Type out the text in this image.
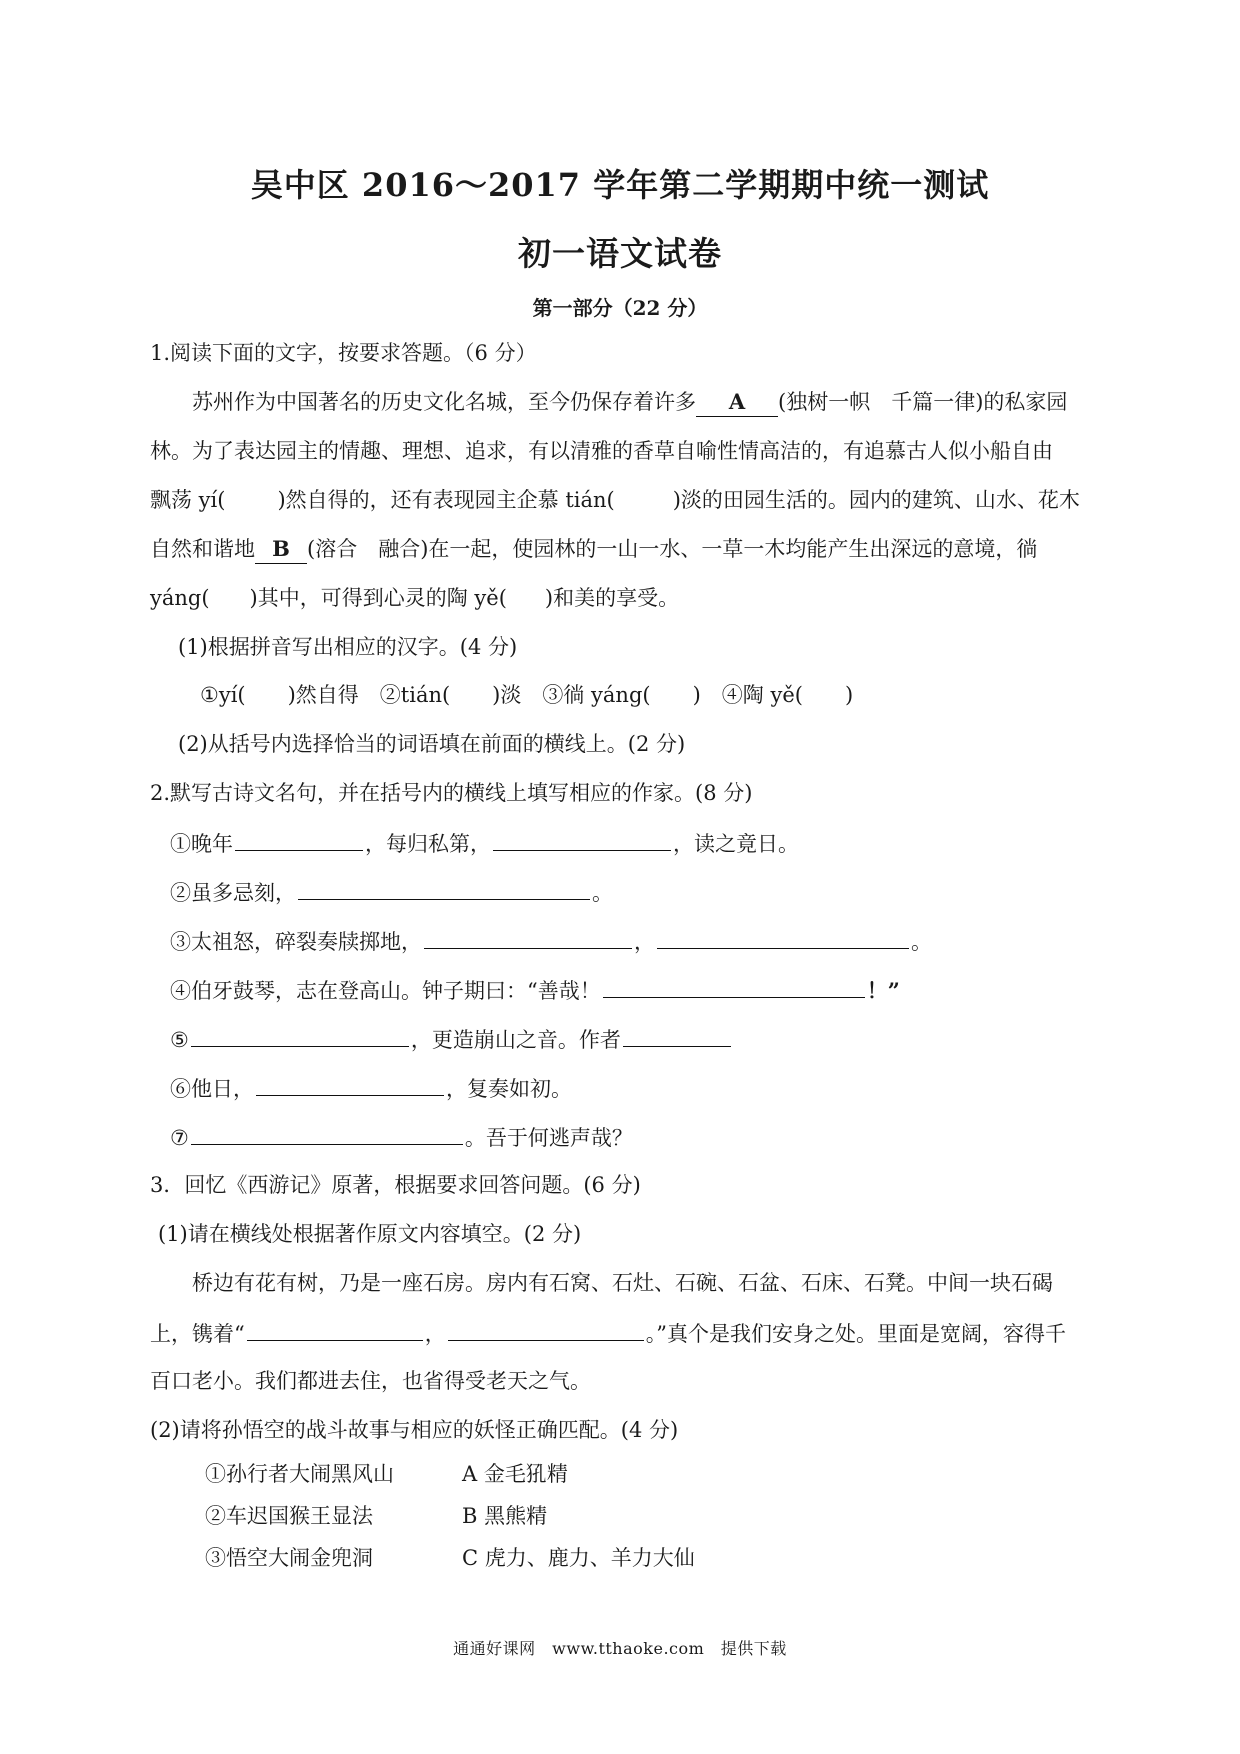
吴中区 2016～2017 学年第二学期期中统一测试
初一语文试卷
第一部分（22 分）
1.阅读下面的文字，按要求答题。（6 分）
苏州作为中国著名的历史文化名城，至今仍保存着许多 A (独树一帜　千篇一律)的私家园
林。为了表达园主的情趣、理想、追求，有以清雅的香草自喻性情高洁的，有追慕古人似小船自由
飘荡 yí( )然自得的，还有表现园主企慕 tián(	)淡的田园生活的。园内的建筑、山水、花木
自然和谐地 B (溶合　融合)在一起，使园林的一山一水、一草一木均能产生出深远的意境，徜
yáng( )其中，可得到心灵的陶 yě( )和美的享受。
(1)根据拼音写出相应的汉字。(4 分)
①yí(　　)然自得　②tián(　　)淡　③徜 yáng(　　)　④陶 yě(　　)
(2)从括号内选择恰当的词语填在前面的横线上。(2 分)
2.默写古诗文名句，并在括号内的横线上填写相应的作家。(8 分)
①晚年	，每归私第，	，读之竟日。
②虽多忌刻，	。
③太祖怒，碎裂奏牍掷地，	，	。
④伯牙鼓琴，志在登高山。钟子期曰：“善哉！	！”
⑤	，更造崩山之音。作者
⑥他日，	，复奏如初。
⑦	。吾于何逃声哉？
3．回忆《西游记》原著，根据要求回答问题。(6 分)
(1)请在横线处根据著作原文内容填空。(2 分)
桥边有花有树，乃是一座石房。房内有石窝、石灶、石碗、石盆、石床、石凳。中间一块石碣
上，镌着“	，	。”真个是我们安身之处。里面是宽阔，容得千
百口老小。我们都进去住，也省得受老天之气。
(2)请将孙悟空的战斗故事与相应的妖怪正确匹配。(4 分)
①孙行者大闹黑风山	A 金毛犼精
②车迟国猴王显法	B 黑熊精
③悟空大闹金兜洞	C 虎力、鹿力、羊力大仙
通通好课网　www.tthaoke.com　提供下载
